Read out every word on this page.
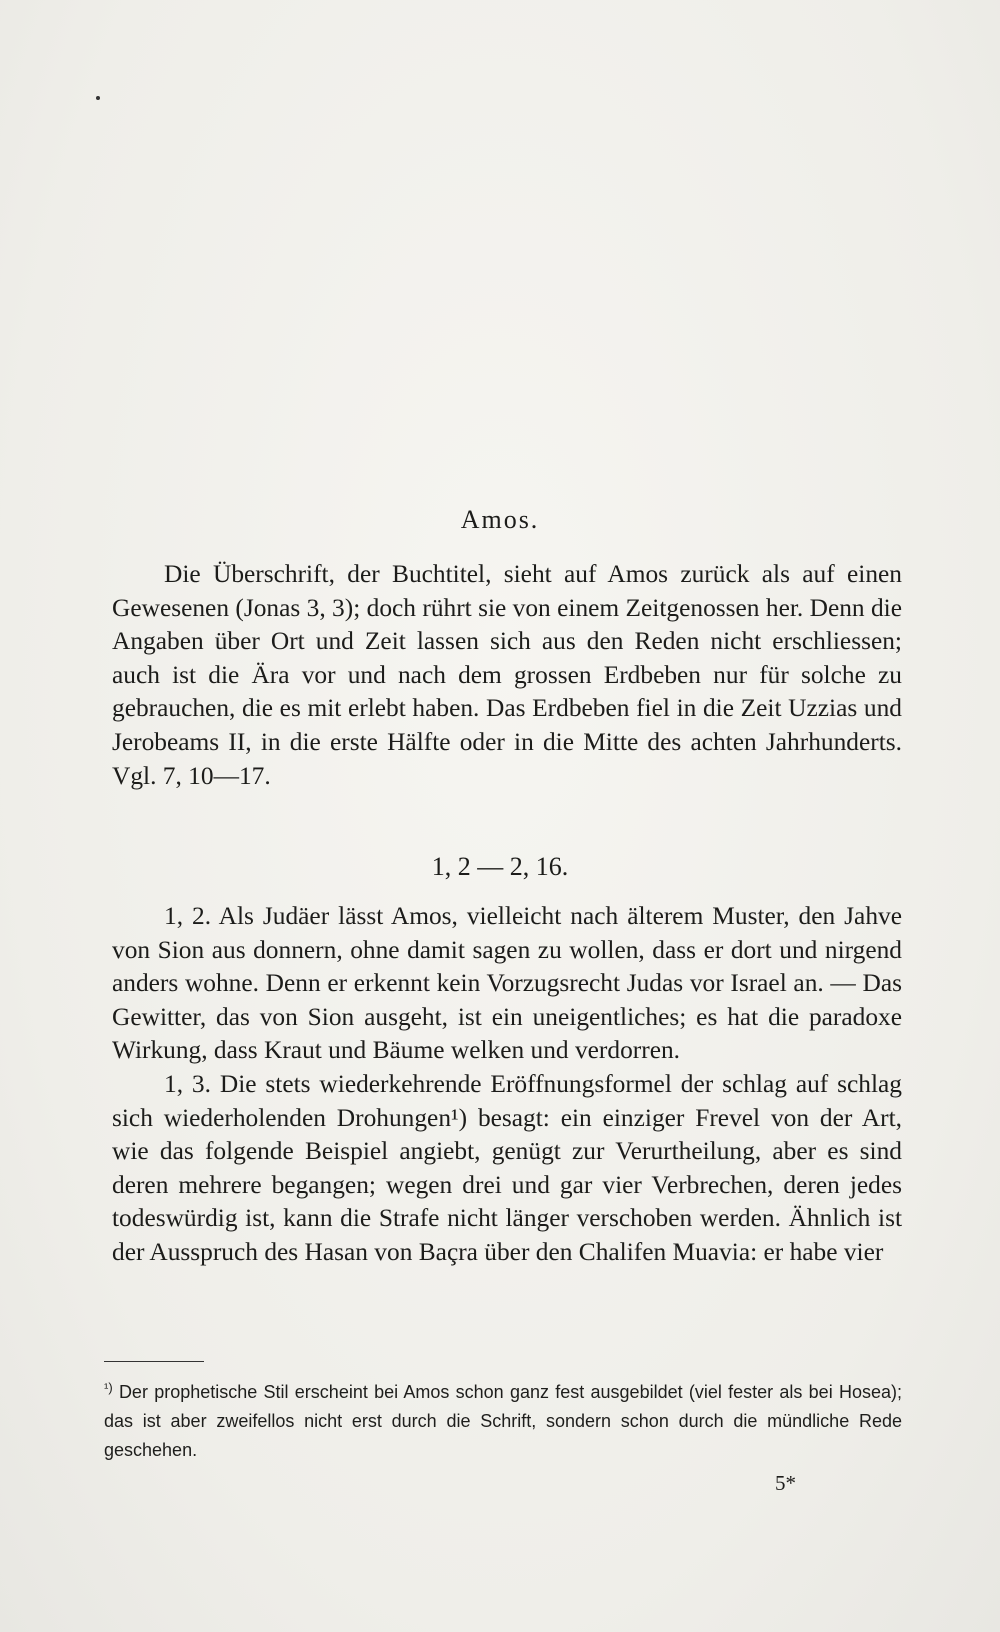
Amos.

Die Überschrift, der Buchtitel, sieht auf Amos zurück als auf einen Gewesenen (Jonas 3, 3); doch rührt sie von einem Zeitgenossen her. Denn die Angaben über Ort und Zeit lassen sich aus den Reden nicht erschliessen; auch ist die Ära vor und nach dem grossen Erdbeben nur für solche zu gebrauchen, die es mit erlebt haben. Das Erdbeben fiel in die Zeit Uzzias und Jerobeams II, in die erste Hälfte oder in die Mitte des achten Jahrhunderts. Vgl. 7, 10—17.

1, 2 — 2, 16.

1, 2. Als Judäer lässt Amos, vielleicht nach älterem Muster, den Jahve von Sion aus donnern, ohne damit sagen zu wollen, dass er dort und nirgend anders wohne. Denn er erkennt kein Vorzugsrecht Judas vor Israel an. — Das Gewitter, das von Sion ausgeht, ist ein uneigentliches; es hat die paradoxe Wirkung, dass Kraut und Bäume welken und verdorren.

1, 3. Die stets wiederkehrende Eröffnungsformel der schlag auf schlag sich wiederholenden Drohungen¹) besagt: ein einziger Frevel von der Art, wie das folgende Beispiel angiebt, genügt zur Verurtheilung, aber es sind deren mehrere begangen; wegen drei und gar vier Verbrechen, deren jedes todeswürdig ist, kann die Strafe nicht länger verschoben werden. Ähnlich ist der Ausspruch des Hasan von Baçra über den Chalifen Muavia: er habe vier

$^{^1)}$ Der prophetische Stil erscheint bei Amos schon ganz fest ausgebildet (viel fester als bei Hosea); das ist aber zweifellos nicht erst durch die Schrift, sondern schon durch die mündliche Rede geschehen.

5*
